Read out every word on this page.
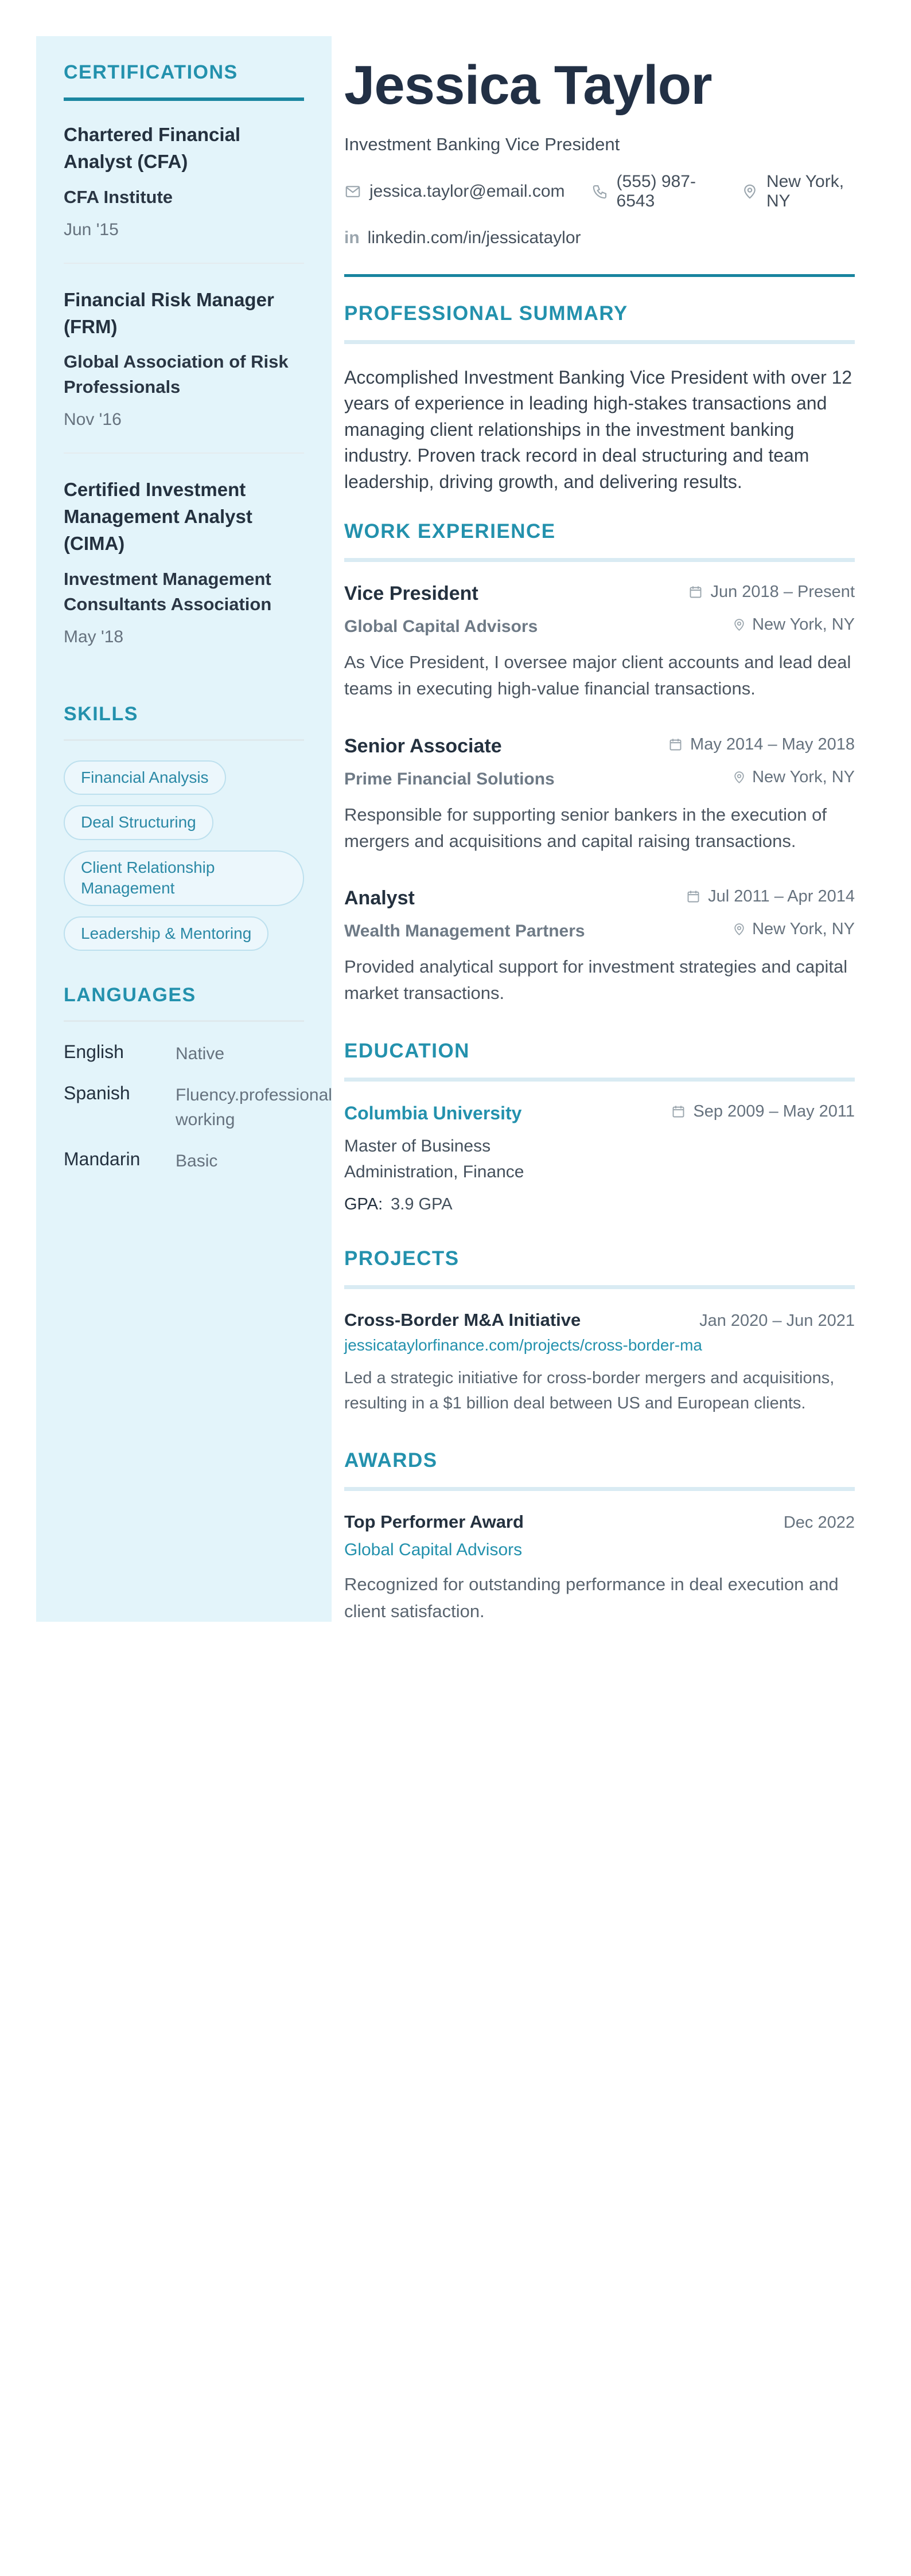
CERTIFICATIONS
Chartered Financial Analyst (CFA)
CFA Institute
Jun '15
Financial Risk Manager (FRM)
Global Association of Risk Professionals
Nov '16
Certified Investment Management Analyst (CIMA)
Investment Management Consultants Association
May '18
SKILLS
Financial Analysis
Deal Structuring
Client Relationship Management
Leadership & Mentoring
LANGUAGES
English	Native
Spanish	Fluency.professional working
Mandarin	Basic
Jessica Taylor
Investment Banking Vice President
jessica.taylor@email.com
(555) 987-6543
New York, NY
in linkedin.com/in/jessicataylor
PROFESSIONAL SUMMARY

Accomplished Investment Banking Vice President with over 12 years of experience in leading high-stakes transactions and managing client relationships in the investment banking industry. Proven track record in deal structuring and team leadership, driving growth, and delivering results.

WORK EXPERIENCE
Vice President	Jun 2018 – Present
Global Capital Advisors	New York, NY

As Vice President, I oversee major client accounts and lead deal teams in executing high-value financial transactions.

Senior Associate	May 2014 – May 2018
Prime Financial Solutions	New York, NY

Responsible for supporting senior bankers in the execution of mergers and acquisitions and capital raising transactions.

Analyst	Jul 2011 – Apr 2014
Wealth Management Partners	New York, NY

Provided analytical support for investment strategies and capital market transactions.

EDUCATION
Columbia University	Sep 2009 – May 2011
Master of Business Administration, Finance
GPA: 3.9 GPA
PROJECTS
Cross-Border M&A Initiative	Jan 2020 – Jun 2021
jessicataylorfinance.com/projects/cross-border-ma

Led a strategic initiative for cross-border mergers and acquisitions, resulting in a $1 billion deal between US and European clients.

AWARDS
Top Performer Award	Dec 2022
Global Capital Advisors

Recognized for outstanding performance in deal execution and client satisfaction.
